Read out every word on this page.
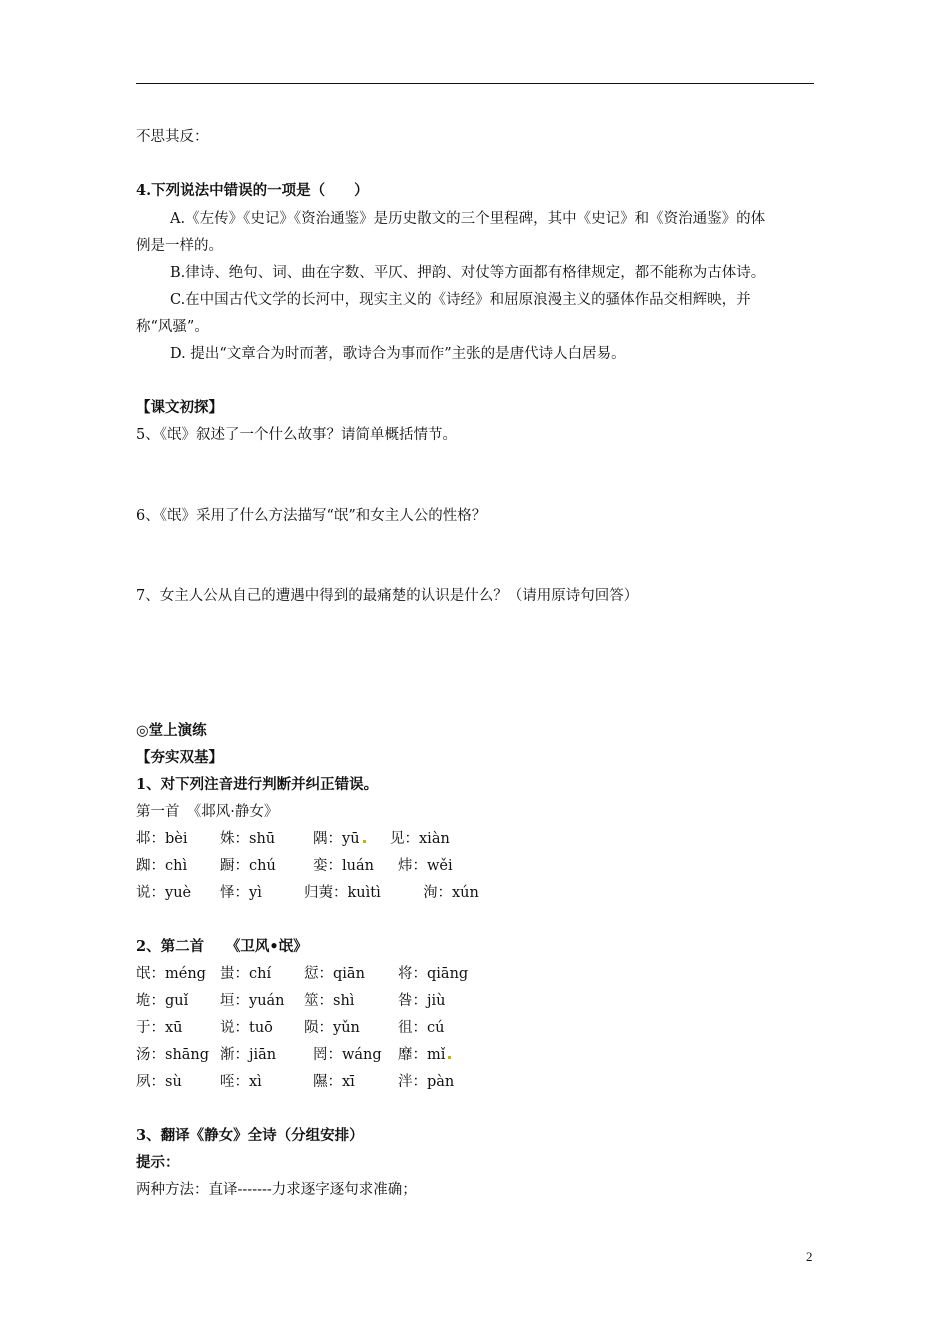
不思其反：
4.下列说法中错误的一项是（　　）
A.《左传》《史记》《资治通鉴》是历史散文的三个里程碑，其中《史记》和《资治通鉴》的体
例是一样的。
B.律诗、绝句、词、曲在字数、平仄、押韵、对仗等方面都有格律规定，都不能称为古体诗。
C.在中国古代文学的长河中，现实主义的《诗经》和屈原浪漫主义的骚体作品交相辉映，并
称“风骚”。
D. 提出“文章合为时而著，歌诗合为事而作”主张的是唐代诗人白居易。
【课文初探】
5、《氓》叙述了一个什么故事？请简单概括情节。
6、《氓》采用了什么方法描写“氓”和女主人公的性格？
7、女主人公从自己的遭遇中得到的最痛楚的认识是什么？（请用原诗句回答）
◎堂上演练
【夯实双基】
1、对下列注音进行判断并纠正错误。
第一首　《邶风·静女》
邶：bèi 姝：shū	隅：yū	见：xiàn
踟：chì 蹰：chú	娈：luán 炜：wěi
说：yuè 怿：yì	归荑：kuìtì	洵：xún
2、第二首　　《卫风•氓》
氓：méng 蚩：chí 愆：qiān 将：qiāng
垝：guǐ 垣：yuán 筮：shì	咎：jiù
于：xū	说：tuō 陨：yǔn	徂：cú
汤：shāng 渐：jiān	罔：wáng 靡：mǐ
夙：sù	咥：xì	隰：xī	泮：pàn
3、翻译《静女》全诗（分组安排）
提示：
两种方法：直译-------力求逐字逐句求准确；
2
